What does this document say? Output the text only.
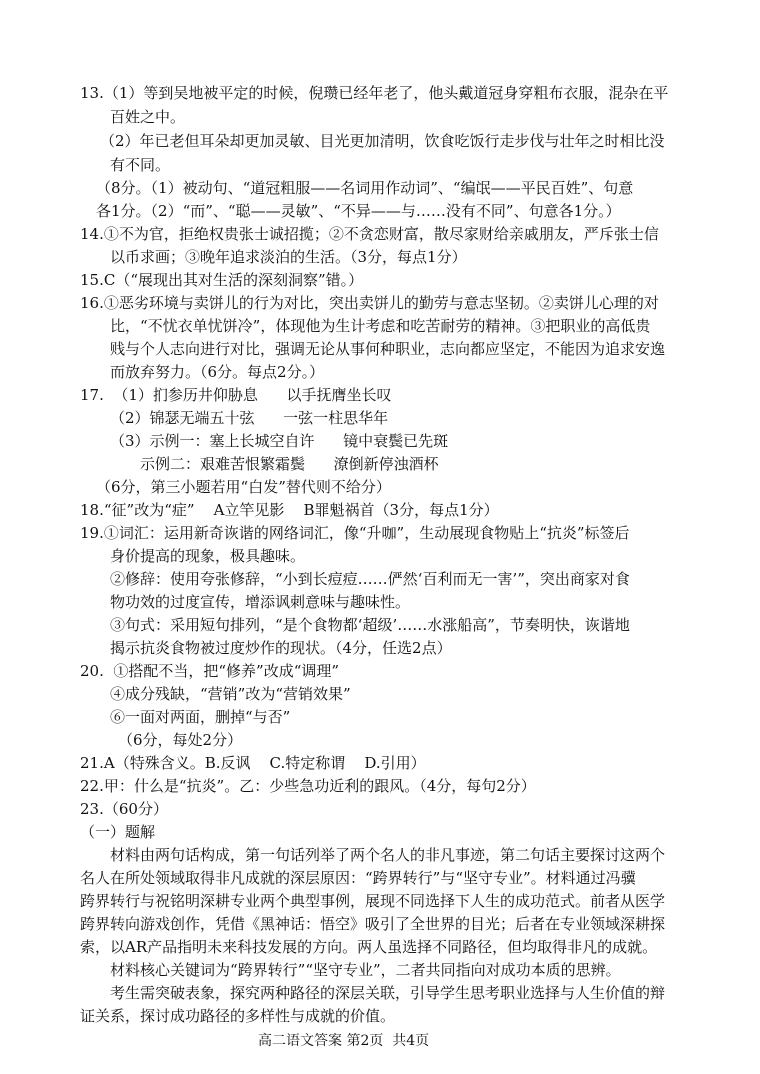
13.（1）等到吴地被平定的时候，倪瓒已经年老了，他头戴道冠身穿粗布衣服，混杂在平
百姓之中。
（2）年已老但耳朵却更加灵敏、目光更加清明，饮食吃饭行走步伐与壮年之时相比没
有不同。
（8分。（1）被动句、“道冠粗服——名词用作动词”、“编氓——平民百姓”、句意
各1分。（2）“而”、“聪——灵敏”、“不异——与……没有不同”、句意各1分。）
14.①不为官，拒绝权贵张士诚招揽；②不贪恋财富，散尽家财给亲戚朋友，严斥张士信
以币求画；③晚年追求淡泊的生活。（3分，每点1分）
15.C（“展现出其对生活的深刻洞察”错。）
16.①恶劣环境与卖饼儿的行为对比，突出卖饼儿的勤劳与意志坚韧。②卖饼儿心理的对
比，“不忧衣单忧饼冷”，体现他为生计考虑和吃苦耐劳的精神。③把职业的高低贵
贱与个人志向进行对比，强调无论从事何种职业，志向都应坚定，不能因为追求安逸
而放弃努力。（6分。每点2分。）
17.  （1）扪参历井仰胁息      以手抚膺坐长叹
（2）锦瑟无端五十弦      一弦一柱思华年
（3）示例一：塞上长城空自许      镜中衰鬓已先斑
示例二：艰难苦恨繁霜鬓      潦倒新停浊酒杯
（6分，第三小题若用“白发”替代则不给分）
18.“征”改为“症”    A立竿见影    B罪魁祸首（3分，每点1分）
19.①词汇：运用新奇诙谐的网络词汇，像“升咖”，生动展现食物贴上“抗炎”标签后
身价提高的现象，极具趣味。
②修辞：使用夸张修辞，“小到长痘痘……俨然‘百利而无一害’”，突出商家对食
物功效的过度宣传，增添讽刺意味与趣味性。
③句式：采用短句排列，“是个食物都‘超级’……水涨船高”，节奏明快，诙谐地
揭示抗炎食物被过度炒作的现状。（4分，任选2点）
20.  ①搭配不当，把“修养”改成“调理”
④成分残缺，“营销”改为“营销效果”
⑥一面对两面，删掉“与否”
（6分，每处2分）
21.A（特殊含义。B.反讽    C.特定称谓    D.引用）
22.甲：什么是“抗炎”。乙：少些急功近利的跟风。（4分，每句2分）
23.（60分）
（一）题解
材料由两句话构成，第一句话列举了两个名人的非凡事迹，第二句话主要探讨这两个
名人在所处领域取得非凡成就的深层原因：“跨界转行”与“坚守专业”。材料通过冯骥
跨界转行与祝铭明深耕专业两个典型事例，展现不同选择下人生的成功范式。前者从医学
跨界转向游戏创作，凭借《黑神话：悟空》吸引了全世界的目光；后者在专业领域深耕探
索，以AR产品指明未来科技发展的方向。两人虽选择不同路径，但均取得非凡的成就。
材料核心关键词为“跨界转行”“坚守专业”，二者共同指向对成功本质的思辨。
考生需突破表象，探究两种路径的深层关联，引导学生思考职业选择与人生价值的辩
证关系，探讨成功路径的多样性与成就的价值。
高二语文答案 第2页  共4页
